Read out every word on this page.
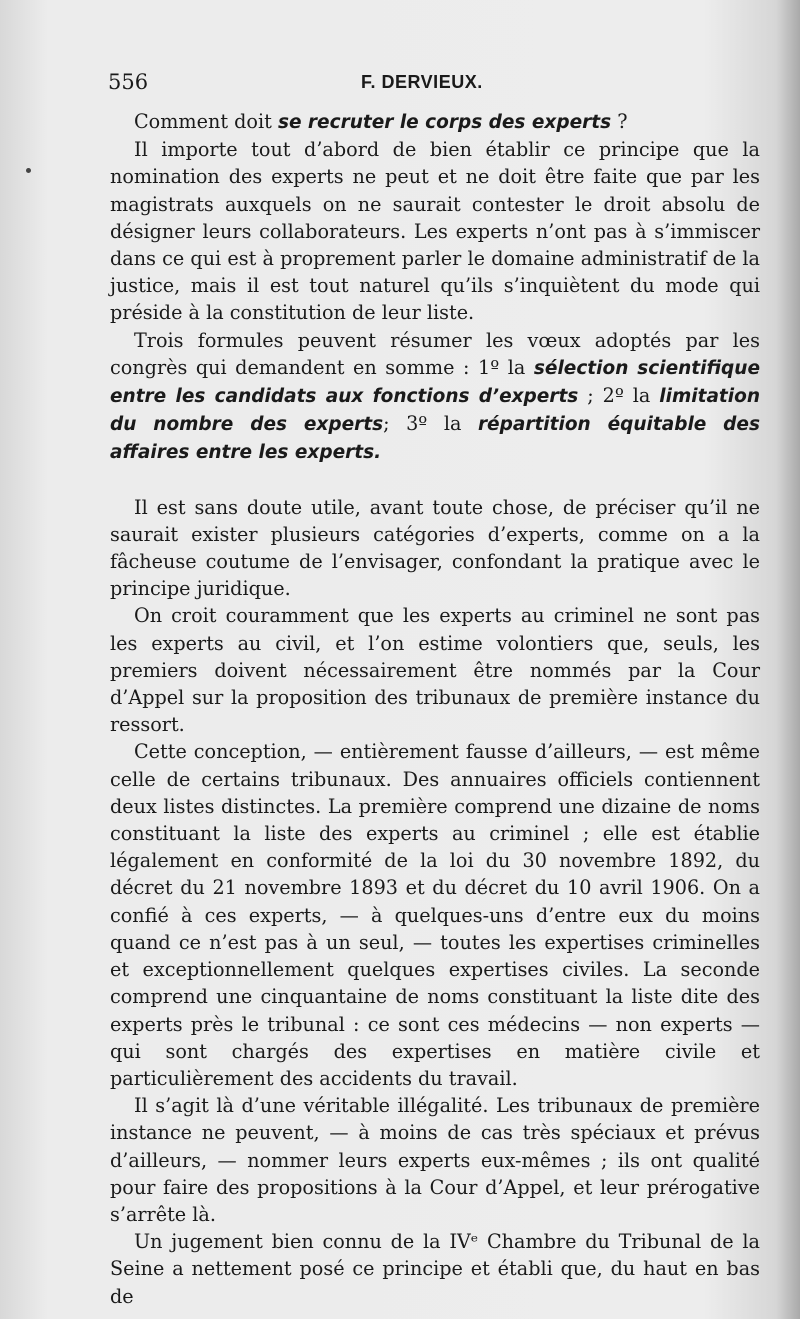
556	F. DERVIEUX.

Comment doit se recruter le corps des experts ?

Il importe tout d’abord de bien établir ce principe que la nomination des experts ne peut et ne doit être faite que par les magistrats auxquels on ne saurait contester le droit absolu de désigner leurs collaborateurs. Les experts n’ont pas à s’immiscer dans ce qui est à proprement parler le domaine administratif de la justice, mais il est tout naturel qu’ils s’inquiètent du mode qui préside à la constitution de leur liste.

Trois formules peuvent résumer les vœux adoptés par les congrès qui demandent en somme : 1º la sélection scientifique entre les candidats aux fonctions d’experts ; 2º la limitation du nombre des experts; 3º la répartition équitable des affaires entre les experts.

Il est sans doute utile, avant toute chose, de préciser qu’il ne saurait exister plusieurs catégories d’experts, comme on a la fâcheuse coutume de l’envisager, confondant la pratique avec le principe juridique.

On croit couramment que les experts au criminel ne sont pas les experts au civil, et l’on estime volontiers que, seuls, les premiers doivent nécessairement être nommés par la Cour d’Appel sur la proposition des tribunaux de première instance du ressort.

Cette conception, — entièrement fausse d’ailleurs, — est même celle de certains tribunaux. Des annuaires officiels contiennent deux listes distinctes. La première comprend une dizaine de noms constituant la liste des experts au criminel ; elle est établie légalement en conformité de la loi du 30 novembre 1892, du décret du 21 novembre 1893 et du décret du 10 avril 1906. On a confié à ces experts, — à quelques-uns d’entre eux du moins quand ce n’est pas à un seul, — toutes les expertises criminelles et exceptionnellement quelques expertises civiles. La seconde comprend une cinquantaine de noms constituant la liste dite des experts près le tribunal : ce sont ces médecins — non experts — qui sont chargés des expertises en matière civile et particulièrement des accidents du travail.

Il s’agit là d’une véritable illégalité. Les tribunaux de première instance ne peuvent, — à moins de cas très spéciaux et prévus d’ailleurs, — nommer leurs experts eux-mêmes ; ils ont qualité pour faire des propositions à la Cour d’Appel, et leur prérogative s’arrête là.

Un jugement bien connu de la IVᵉ Chambre du Tribunal de la Seine a nettement posé ce principe et établi que, du haut en bas de
